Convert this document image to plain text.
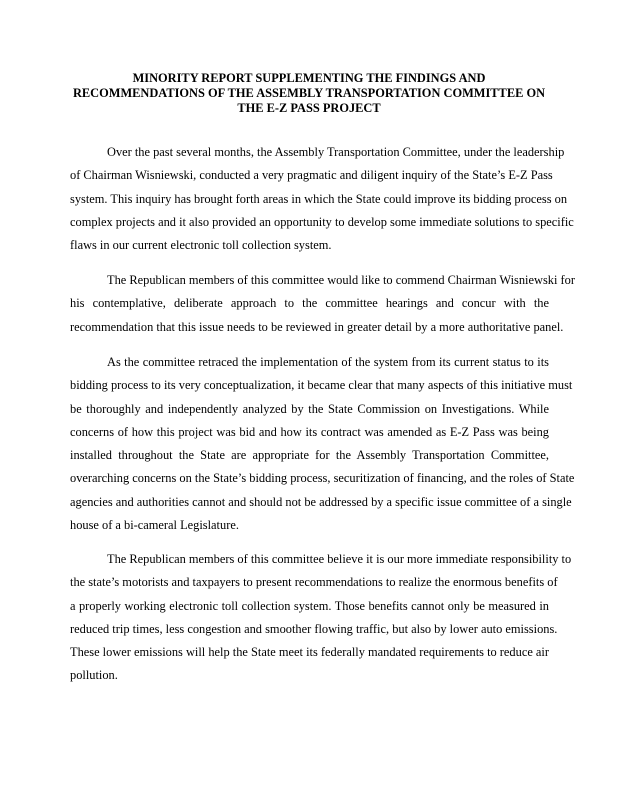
MINORITY REPORT SUPPLEMENTING THE FINDINGS AND
RECOMMENDATIONS OF THE ASSEMBLY TRANSPORTATION COMMITTEE ON
THE E-Z PASS PROJECT
Over the past several months, the Assembly Transportation Committee, under the leadership
of Chairman Wisniewski, conducted a very pragmatic and diligent inquiry of the State’s E-Z Pass
system. This inquiry has brought forth areas in which the State could improve its bidding process on
complex projects and it also provided an opportunity to develop some immediate solutions to specific
flaws in our current electronic toll collection system.
The Republican members of this committee would like to commend Chairman Wisniewski for
his contemplative, deliberate approach to the committee hearings and concur with the
recommendation that this issue needs to be reviewed in greater detail by a more authoritative panel.
As the committee retraced the implementation of the system from its current status to its
bidding process to its very conceptualization, it became clear that many aspects of this initiative must
be thoroughly and independently analyzed by the State Commission on Investigations. While
concerns of how this project was bid and how its contract was amended as E-Z Pass was being
installed throughout the State are appropriate for the Assembly Transportation Committee,
overarching concerns on the State’s bidding process, securitization of financing, and the roles of State
agencies and authorities cannot and should not be addressed by a specific issue committee of a single
house of a bi-cameral Legislature.
The Republican members of this committee believe it is our more immediate responsibility to
the state’s motorists and taxpayers to present recommendations to realize the enormous benefits of
a properly working electronic toll collection system. Those benefits cannot only be measured in
reduced trip times, less congestion and smoother flowing traffic, but also by lower auto emissions.
These lower emissions will help the State meet its federally mandated requirements to reduce air
pollution.
